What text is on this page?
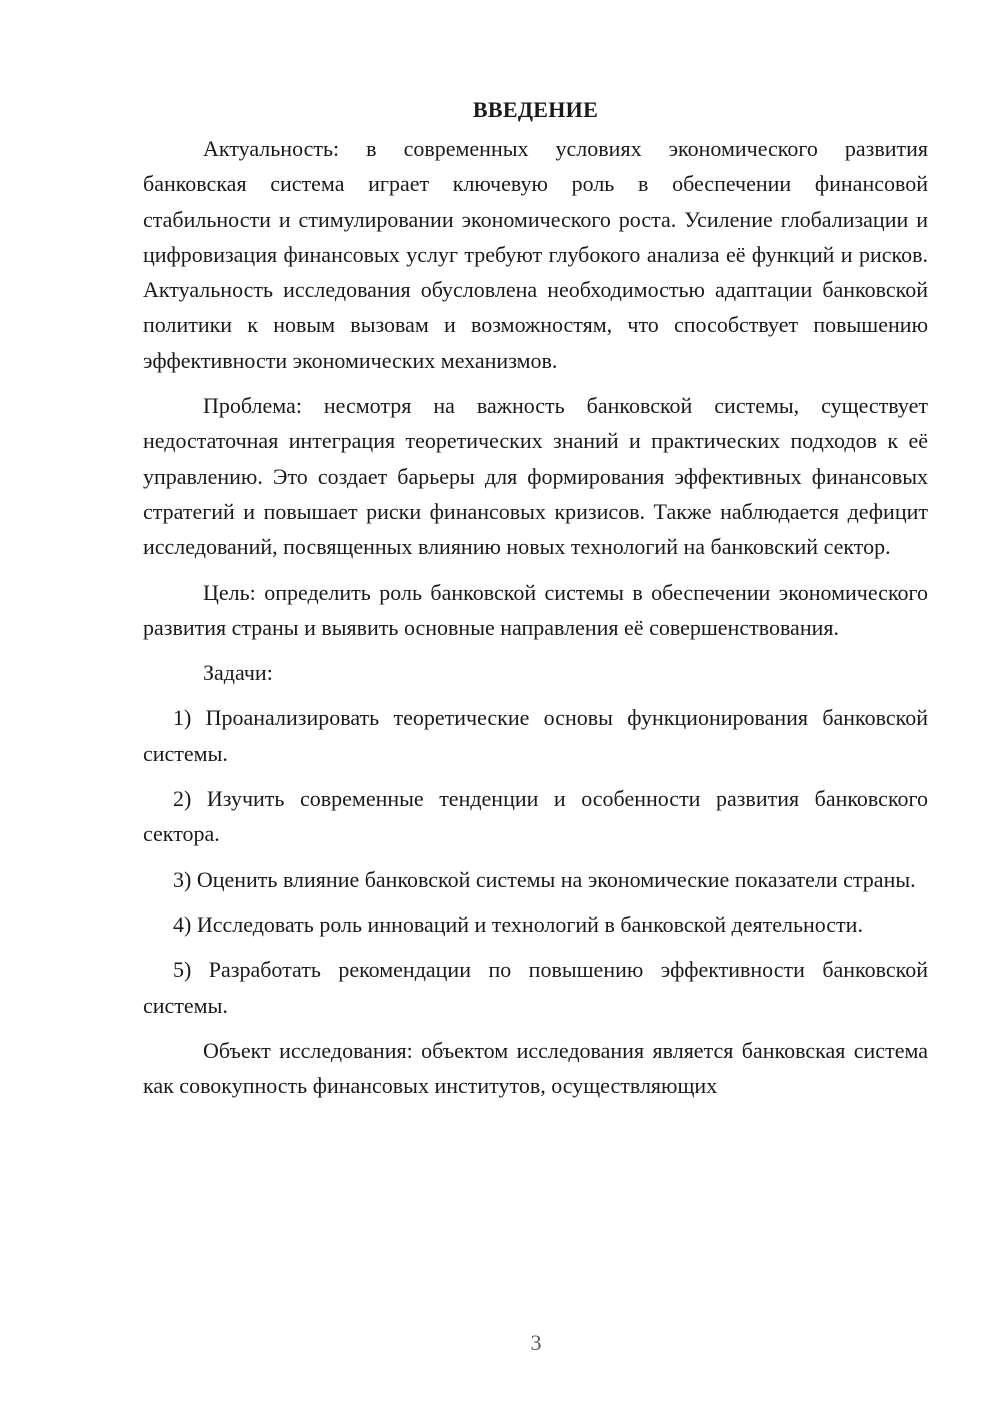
ВВЕДЕНИЕ

Актуальность: в современных условиях экономического развития банковская система играет ключевую роль в обеспечении финансовой стабильности и стимулировании экономического роста. Усиление глобализации и цифровизация финансовых услуг требуют глубокого анализа её функций и рисков. Актуальность исследования обусловлена необходимостью адаптации банковской политики к новым вызовам и возможностям, что способствует повышению эффективности экономических механизмов.

Проблема: несмотря на важность банковской системы, существует недостаточная интеграция теоретических знаний и практических подходов к её управлению. Это создает барьеры для формирования эффективных финансовых стратегий и повышает риски финансовых кризисов. Также наблюдается дефицит исследований, посвященных влиянию новых технологий на банковский сектор.

Цель: определить роль банковской системы в обеспечении экономического развития страны и выявить основные направления её совершенствования.

Задачи:

1) Проанализировать теоретические основы функционирования банковской системы.

2) Изучить современные тенденции и особенности развития банковского сектора.

3) Оценить влияние банковской системы на экономические показатели страны.

4) Исследовать роль инноваций и технологий в банковской деятельности.

5) Разработать рекомендации по повышению эффективности банковской системы.

Объект исследования: объектом исследования является банковская система как совокупность финансовых институтов, осуществляющих

3
